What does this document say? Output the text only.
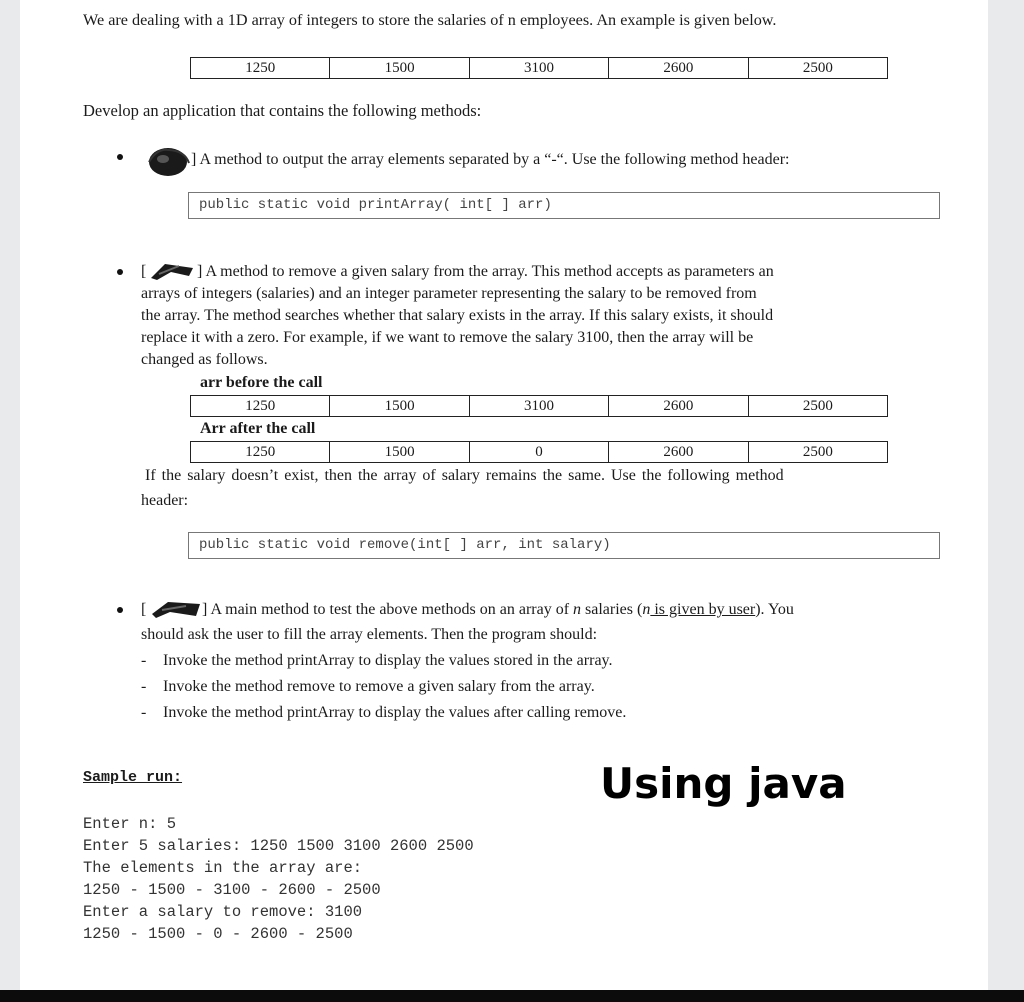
We are dealing with a 1D array of integers to store the salaries of n employees. An example is given below.
1250	1500	3100	2600	2500
Develop an application that contains the following methods:
] A method to output the array elements separated by a “-“. Use the following method header:
public static void printArray( int[ ] arr)
[	] A method to remove a given salary from the array. This method accepts as parameters an
arrays of integers (salaries) and an integer parameter representing the salary to be removed from
the array. The method searches whether that salary exists in the array. If this salary exists, it should
replace it with a zero. For example, if we want to remove the salary 3100, then the array will be
changed as follows.
arr before the call
1250	1500	3100	2600	2500
Arr after the call
1250	1500	0	2600	2500
If the salary doesn’t exist, then the array of salary remains the same. Use the following method
header:
public static void remove(int[ ] arr, int salary)
[	] A main method to test the above methods on an array of n salaries (n is given by user). You
should ask the user to fill the array elements. Then the program should:
- Invoke the method printArray to display the values stored in the array.
- Invoke the method remove to remove a given salary from the array.
- Invoke the method printArray to display the values after calling remove.
Sample run:
Enter n: 5
Enter 5 salaries: 1250 1500 3100 2600 2500
The elements in the array are:
1250 - 1500 - 3100 - 2600 - 2500
Enter a salary to remove: 3100
1250 - 1500 - 0 - 2600 - 2500
Using java
